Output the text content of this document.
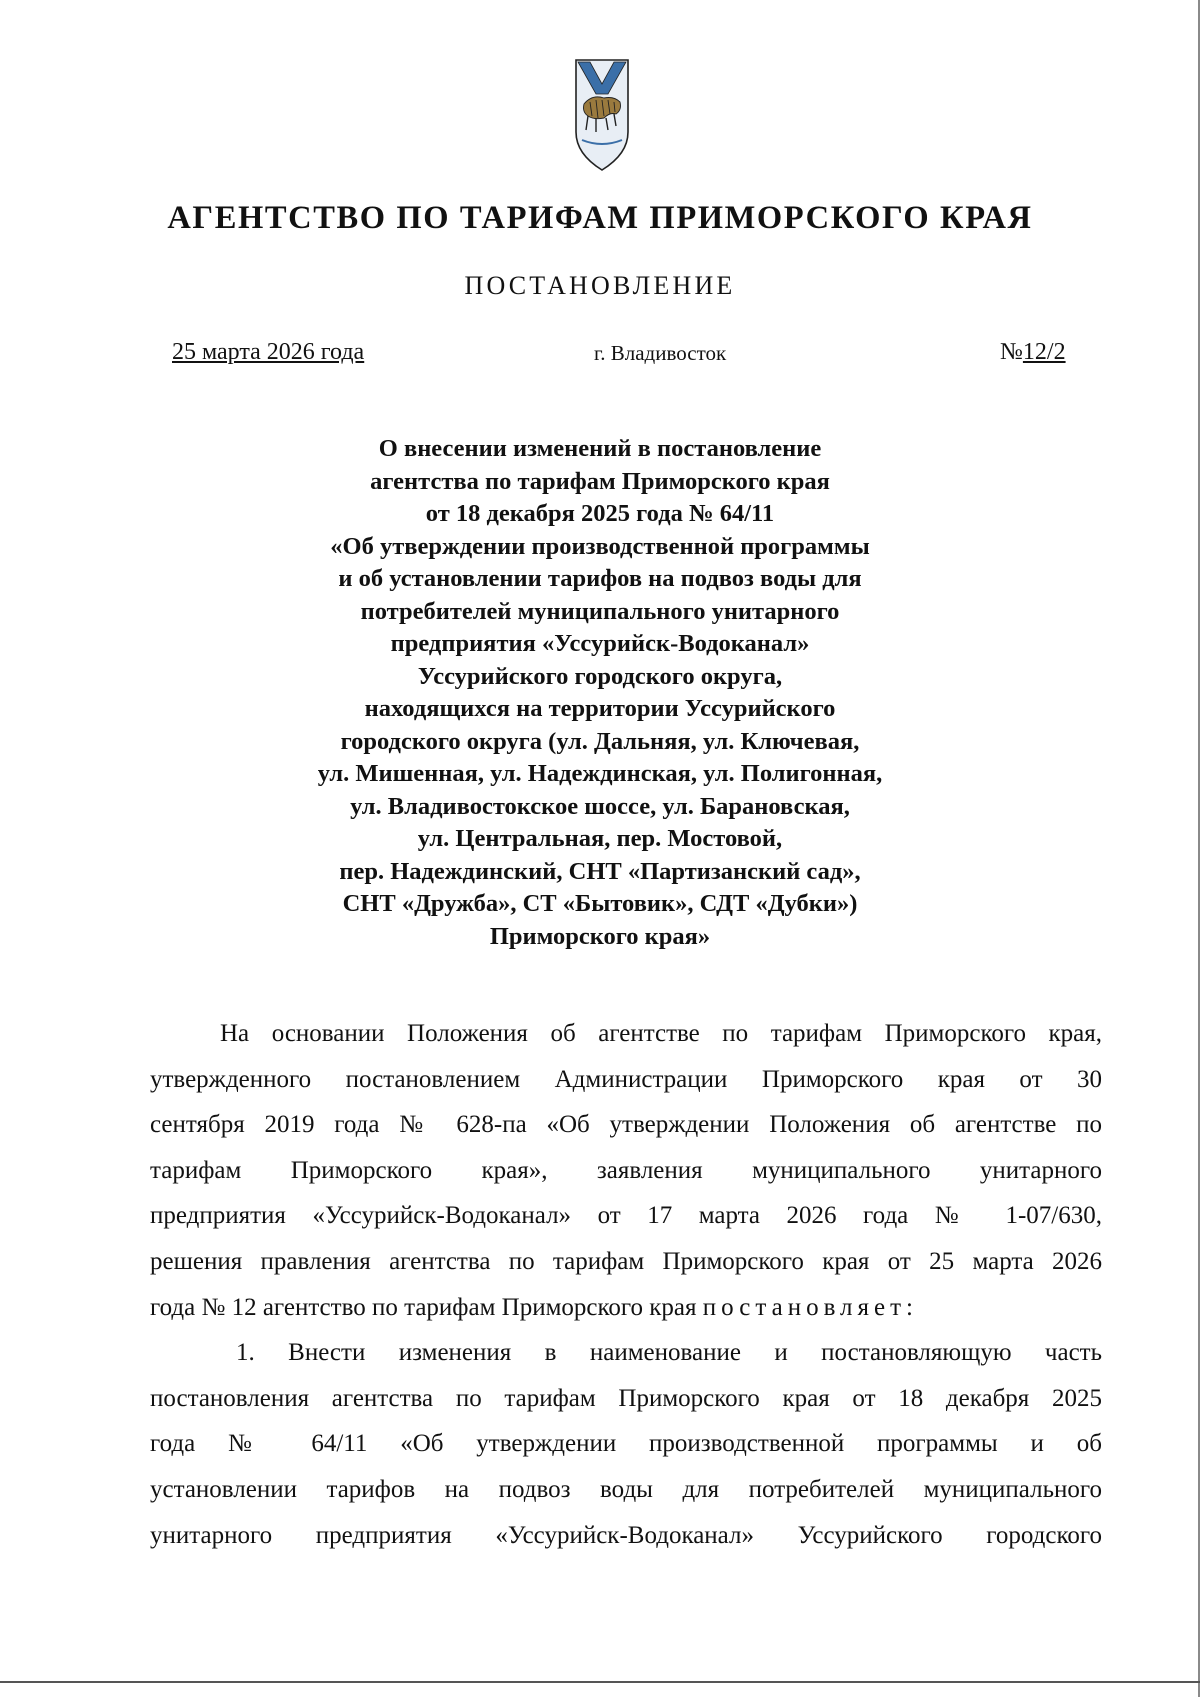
АГЕНТСТВО ПО ТАРИФАМ ПРИМОРСКОГО КРАЯ
ПОСТАНОВЛЕНИЕ
25 марта 2026 года	г. Владивосток	№12/2
О внесении изменений в постановление
агентства по тарифам Приморского края
от 18 декабря 2025 года № 64/11
«Об утверждении производственной программы
и об установлении тарифов на подвоз воды для
потребителей муниципального унитарного
предприятия «Уссурийск-Водоканал»
Уссурийского городского округа,
находящихся на территории Уссурийского
городского округа (ул. Дальняя, ул. Ключевая,
ул. Мишенная, ул. Надеждинская, ул. Полигонная,
ул. Владивостокское шоссе, ул. Барановская,
ул. Центральная, пер. Мостовой,
пер. Надеждинский, СНТ «Партизанский сад»,
СНТ «Дружба», СТ «Бытовик», СДТ «Дубки»)
Приморского края»
На основании Положения об агентстве по тарифам Приморского края,
утвержденного постановлением Администрации Приморского края от 30
сентября 2019 года № 628-па «Об утверждении Положения об агентстве по
тарифам Приморского края», заявления муниципального унитарного
предприятия «Уссурийск-Водоканал» от 17 марта 2026 года № 1-07/630,
решения правления агентства по тарифам Приморского края от 25 марта 2026
года № 12 агентство по тарифам Приморского края постановляет:
1. Внести изменения в наименование и постановляющую часть
постановления агентства по тарифам Приморского края от 18 декабря 2025
года № 64/11 «Об утверждении производственной программы и об
установлении тарифов на подвоз воды для потребителей муниципального
унитарного предприятия «Уссурийск-Водоканал» Уссурийского городского
